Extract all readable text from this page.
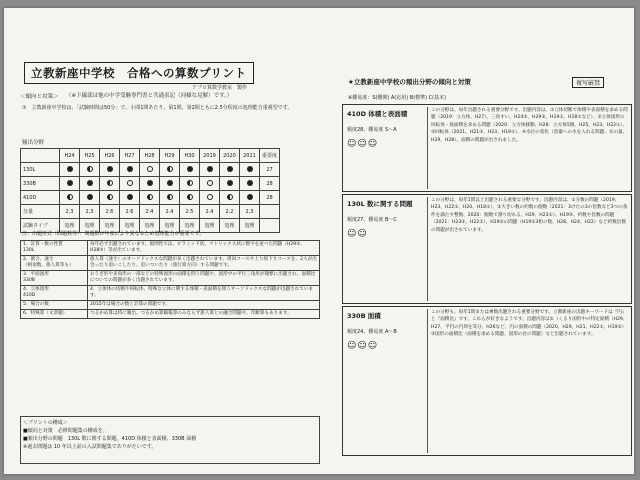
立教新座中学校　合格への算数プリント
アプロ算数学教室　製作
＜傾向と対策＞ （※下線部は他の中学受験専門書と共通表記（同様な見解）です。）
①　立教新座中学校は、「試験時間は50分」で、小問1問あたり、第1問、第2問ともに2.5分程度の処理能力重視型です。
頻出分野
	H24	H25	H26	H27	H28	H29	H30	2019	2020	2021	重要度
130L											27
330B											28
410D											28
分量	2.3	2.3	2.6	2.6	2.4	2.4	2.5	2.4	2.2	2.3	
試験タイプ	処理	処理	処理	処理	処理	処理	処理	処理	処理	処理	
注：出題形式（問題数等）：問題数が年度により異なるため処理能力が重要です。
1．計算・数の性質
130L	毎年必ず出題されています。規則性では、ピラミッド状、マトリックス状に数字を並べた問題（H29②、H28③）等が出ています。
2．割合、速さ
（相似数、旅人算等も）	旅人算（速さ）のオーソドックスな問題が多く出題されています。周回コースや上り坂下りコースを、2人が出会ったり追いこしたり、追いついたり（旅行算方向）する問題です。
3．平面図形
330B	おうぎ形や多角形の一部などの特殊図形の面積を問う問題や、図形中の平行三角形が頻繁に出題され、面積比についての問題が多く出題されています。
4．立体図形
410D	4．立体体の切断や回転体、特殊な立体に関する体積・表面積を問うオーソドックスな問題が出題されています。
5．場合の数	2015年は場合の数と計算の問題です。
6．特殊算（文章題）	つるかめ算は特に頻出。つるかめ算鶴亀算のみならず旅人算との融合問題や、年齢算もあります。
＜プリントの構成＞
■傾向と対策　必修問題集の構成を。
■頻出分野の問題　130L 数に関する問題、410D 体積と表面積、330B 面積
※過去問題は 10 年以上前の入試問題集でありがたいです。
★立教新座中学校の頻出分野の傾向と対策	複写厳禁
※難易度：S(難関) A(応用) B(標準) C(基本)
410D 体積と表面積
頻度28、難易度 S～A
☺☺☺
この分野は、毎年出題される重要分野です。出題内容は、①立体切断で体積や表面積を求める問題（2019：立方体、H27）、三角すい、H24②、H29②、H19①、H18①など）、②立体図形の回転体・底面積を求める問題（2020：立方体移動、H28：立方体5個、H25、H23、H22①）、③回転体（2021、H21③、H23、H19①）、④水位の変化（容器への水を入れる問題、水の量、H29、H28）、面積の問題が出されました。
130L 数に関する問題
頻度27、難易度 B～C
☺☺
この分野は、毎年1問以上出題される重要な分野です。出題内容は、①分数の問題（2019、H23、H22①、H20、H18①）、②大きい数の約数の個数（2021：3けたの3の倍数など3つの条件を満たす整数、2020：個数で割り切れる、H29、H23①）、H19③、約数や倍数の問題（2021：H23②、H22①）、H19②の問題（H19②3桁の数、H28、H24、H22）など約数倍数の問題が出されています。
330B 面積
頻度24、難易度 A～B
☺☺☺
この分野も、毎年1問または複数出題される重要分野です。立教新座の出題キーワードは『円』と『面積比』です。これらが好きなようです。出題内容は①（くるり図形中の特定面積（H29、H27、平円の円周を等分、H26など、円の面積の問題（2020、H29、H21、H22①、H19②）②図形の面積比（面積を求める問題、図形の比の問題）など出題されています。
